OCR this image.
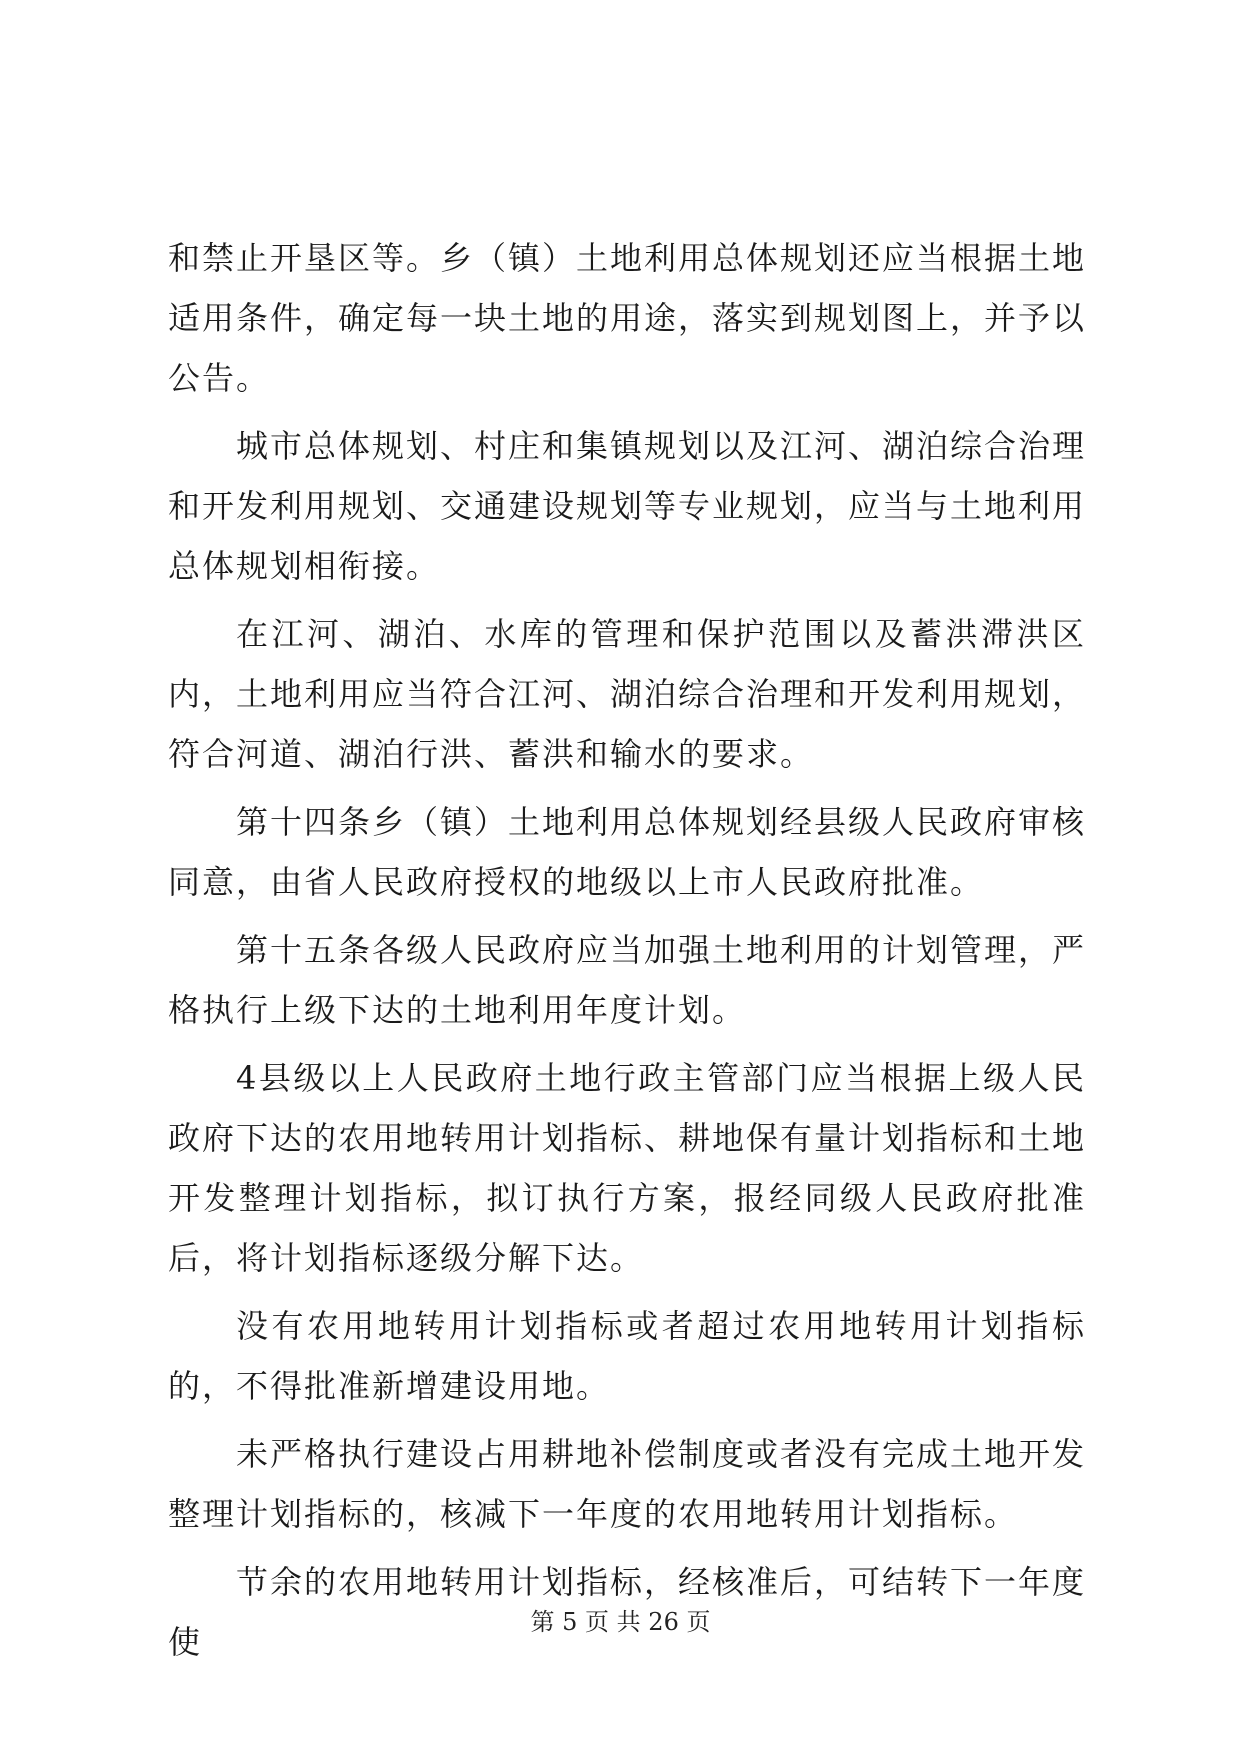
和禁止开垦区等。乡（镇）土地利用总体规划还应当根据土地适用条件，确定每一块土地的用途，落实到规划图上，并予以公告。

城市总体规划、村庄和集镇规划以及江河、湖泊综合治理和开发利用规划、交通建设规划等专业规划，应当与土地利用总体规划相衔接。

在江河、湖泊、水库的管理和保护范围以及蓄洪滞洪区内，土地利用应当符合江河、湖泊综合治理和开发利用规划，符合河道、湖泊行洪、蓄洪和输水的要求。

第十四条乡（镇）土地利用总体规划经县级人民政府审核同意，由省人民政府授权的地级以上市人民政府批准。

第十五条各级人民政府应当加强土地利用的计划管理，严格执行上级下达的土地利用年度计划。

4县级以上人民政府土地行政主管部门应当根据上级人民政府下达的农用地转用计划指标、耕地保有量计划指标和土地开发整理计划指标，拟订执行方案，报经同级人民政府批准后，将计划指标逐级分解下达。

没有农用地转用计划指标或者超过农用地转用计划指标的，不得批准新增建设用地。

未严格执行建设占用耕地补偿制度或者没有完成土地开发整理计划指标的，核减下一年度的农用地转用计划指标。

节余的农用地转用计划指标，经核准后，可结转下一年度使

第 5 页 共 26 页
